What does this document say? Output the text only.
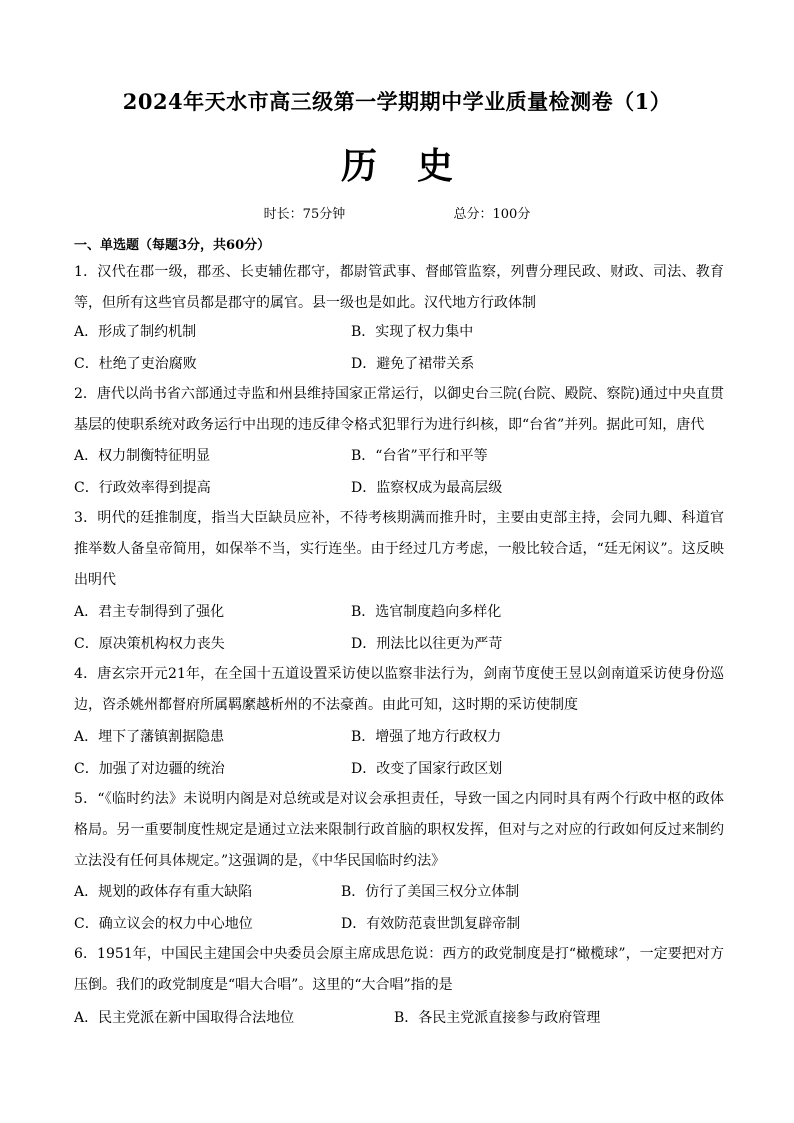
2024年天水市高三级第一学期期中学业质量检测卷（1）
历史
时长：75分钟	总分：100分
一、单选题（每题3分，共60分）
1．汉代在郡一级，郡丞、长吏辅佐郡守，都尉管武事、督邮管监察，列曹分理民政、财政、司法、教育等，但所有这些官员都是郡守的属官。县一级也是如此。汉代地方行政体制
A．形成了制约机制	B．实现了权力集中
C．杜绝了吏治腐败	D．避免了裙带关系
2．唐代以尚书省六部通过寺监和州县维持国家正常运行，以御史台三院(台院、殿院、察院)通过中央直贯基层的使职系统对政务运行中出现的违反律令格式犯罪行为进行纠核，即“台省”并列。据此可知，唐代
A．权力制衡特征明显	B．“台省”平行和平等
C．行政效率得到提高	D．监察权成为最高层级
3．明代的廷推制度，指当大臣缺员应补，不待考核期满而推升时，主要由吏部主持，会同九卿、科道官推举数人备皇帝简用，如保举不当，实行连坐。由于经过几方考虑，一般比较合适，“廷无闲议”。这反映出明代
A．君主专制得到了强化	B．选官制度趋向多样化
C．原决策机构权力丧失	D．刑法比以往更为严苛
4．唐玄宗开元21年，在全国十五道设置采访使以监察非法行为，剑南节度使王昱以剑南道采访使身份巡边，咨杀姚州都督府所属羁縻越析州的不法豪酋。由此可知，这时期的采访使制度
A．埋下了藩镇割据隐患	B．增强了地方行政权力
C．加强了对边疆的统治	D．改变了国家行政区划
5．“《临时约法》未说明内阁是对总统或是对议会承担责任，导致一国之内同时具有两个行政中枢的政体格局。另一重要制度性规定是通过立法来限制行政首脑的职权发挥，但对与之对应的行政如何反过来制约立法没有任何具体规定。”这强调的是，《中华民国临时约法》
A．规划的政体存有重大缺陷	B．仿行了美国三权分立体制
C．确立议会的权力中心地位	D．有效防范袁世凯复辟帝制
6．1951年，中国民主建国会中央委员会原主席成思危说：西方的政党制度是打“橄榄球”，一定要把对方压倒。我们的政党制度是“唱大合唱”。这里的“大合唱”指的是
A．民主党派在新中国取得合法地位	B．各民主党派直接参与政府管理
